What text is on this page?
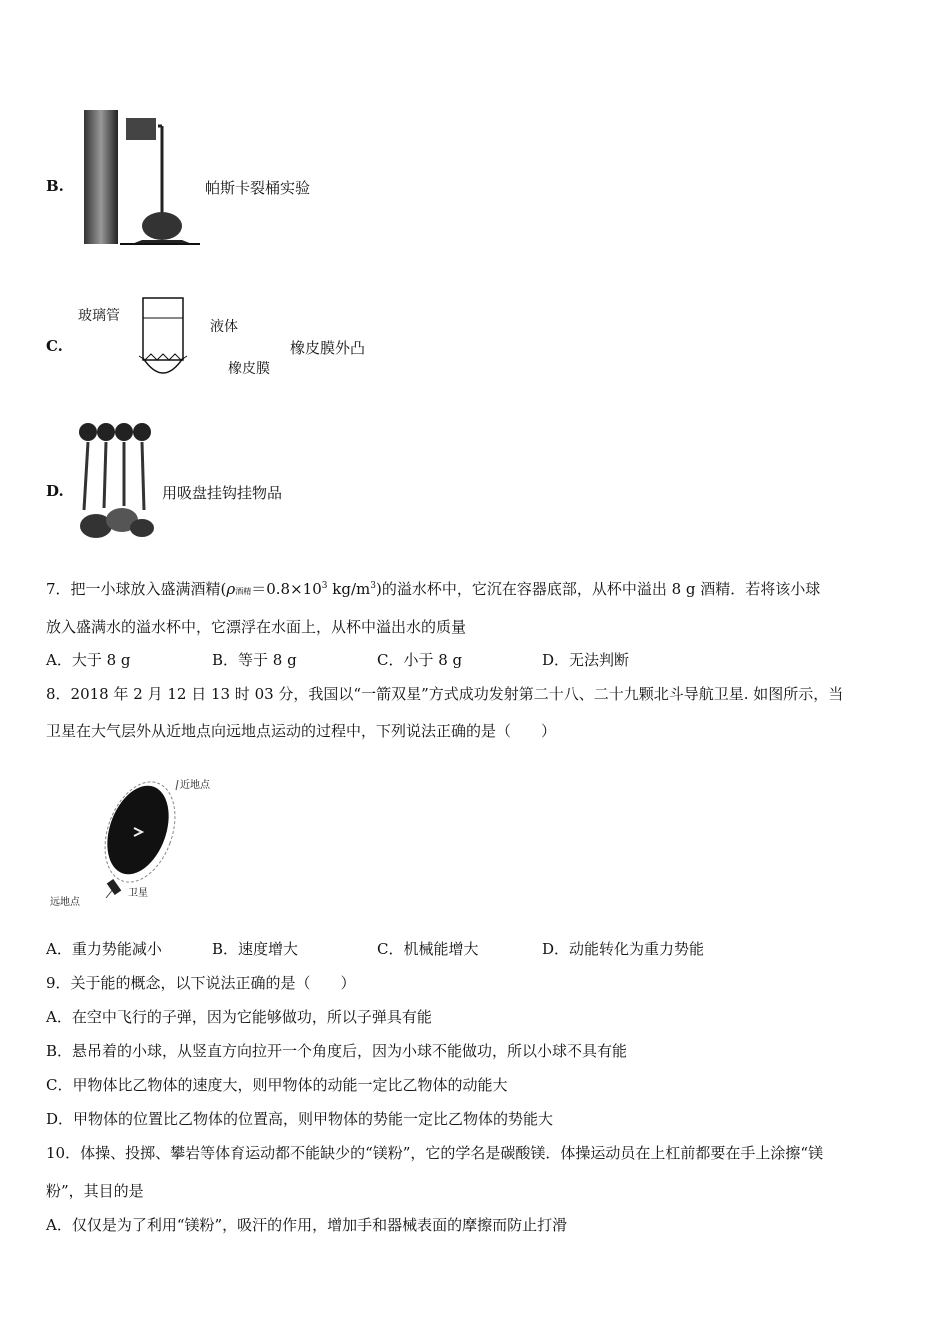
B.	帕斯卡裂桶实验
C.
玻璃管
液体
橡皮膜
橡皮膜外凸
D.	用吸盘挂钩挂物品
7．把一小球放入盛满酒精(ρ酒精$=0.8\times 10^3$ $kg/m^3$)的溢水杯中，它沉在容器底部，从杯中溢出 8 g 酒精．若将该小球
放入盛满水的溢水杯中，它漂浮在水面上，从杯中溢出水的质量
A．大于 8 g	B．等于 8 g	C．小于 8 g	D．无法判断
8．2018 年 2 月 12 日 13 时 03 分，我国以“一箭双星”方式成功发射第二十八、二十九颗北斗导航卫星. 如图所示，当
卫星在大气层外从近地点向远地点运动的过程中，下列说法正确的是（　　）
近地点
远地点
卫星
A．重力势能减小	B．速度增大	C．机械能增大	D．动能转化为重力势能
9．关于能的概念，以下说法正确的是（　　）
A．在空中飞行的子弹，因为它能够做功，所以子弹具有能
B．悬吊着的小球，从竖直方向拉开一个角度后，因为小球不能做功，所以小球不具有能
C．甲物体比乙物体的速度大，则甲物体的动能一定比乙物体的动能大
D．甲物体的位置比乙物体的位置高，则甲物体的势能一定比乙物体的势能大
10．体操、投掷、攀岩等体育运动都不能缺少的“镁粉”，它的学名是碳酸镁．体操运动员在上杠前都要在手上涂擦“镁
粉”，其目的是
A．仅仅是为了利用“镁粉”，吸汗的作用，增加手和器械表面的摩擦而防止打滑
